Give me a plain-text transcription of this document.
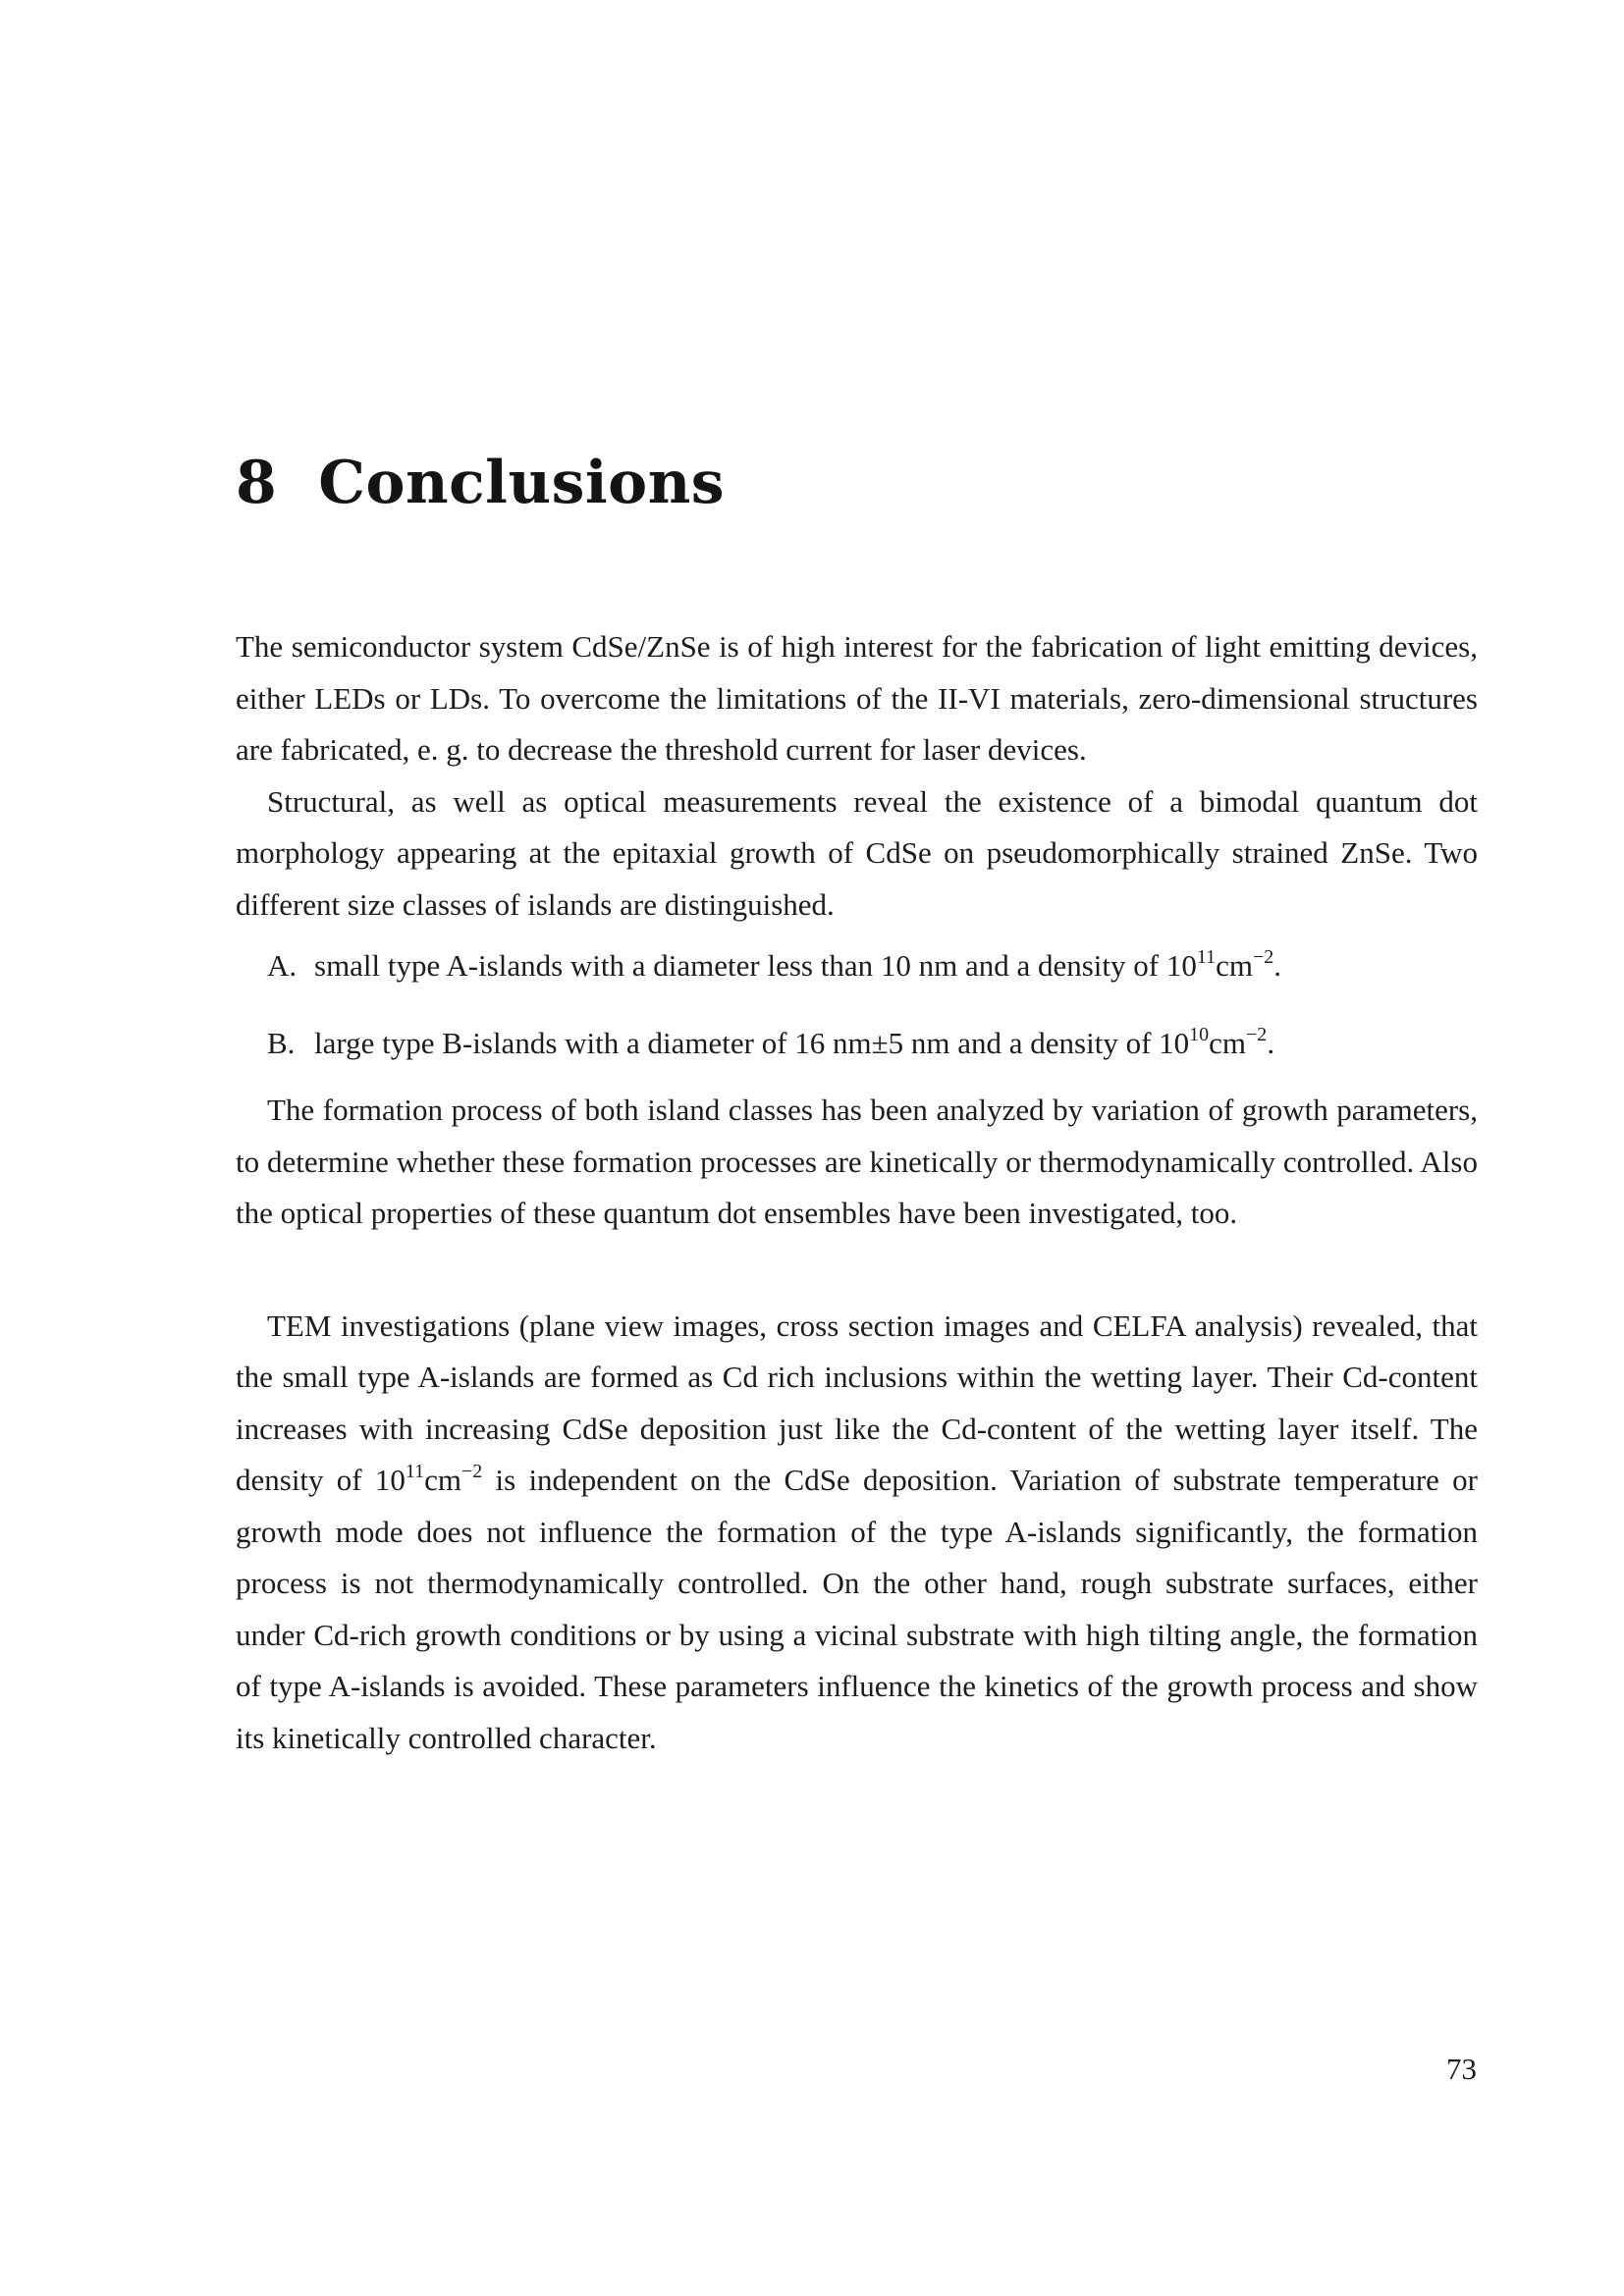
8 Conclusions

The semiconductor system CdSe/ZnSe is of high interest for the fabrication of light emitting devices, either LEDs or LDs. To overcome the limitations of the II-VI materials, zero-dimensional structures are fabricated, e. g. to decrease the threshold current for laser devices.

Structural, as well as optical measurements reveal the existence of a bimodal quantum dot morphology appearing at the epitaxial growth of CdSe on pseudomorphically strained ZnSe. Two different size classes of islands are distinguished.

A. small type A-islands with a diameter less than 10 nm and a density of $10^{11}cm^{-2}$.
B. large type B-islands with a diameter of 16 nm±5 nm and a density of $10^{10}cm^{-2}$.

The formation process of both island classes has been analyzed by variation of growth parameters, to determine whether these formation processes are kinetically or thermodynamically controlled. Also the optical properties of these quantum dot ensembles have been investigated, too.

TEM investigations (plane view images, cross section images and CELFA analysis) revealed, that the small type A-islands are formed as Cd rich inclusions within the wetting layer. Their Cd-content increases with increasing CdSe deposition just like the Cd-content of the wetting layer itself. The density of $10^{11}cm^{-2}$ is independent on the CdSe deposition. Variation of substrate temperature or growth mode does not influence the formation of the type A-islands significantly, the formation process is not thermodynamically controlled. On the other hand, rough substrate surfaces, either under Cd-rich growth conditions or by using a vicinal substrate with high tilting angle, the formation of type A-islands is avoided. These parameters influence the kinetics of the growth process and show its kinetically controlled character.

73
